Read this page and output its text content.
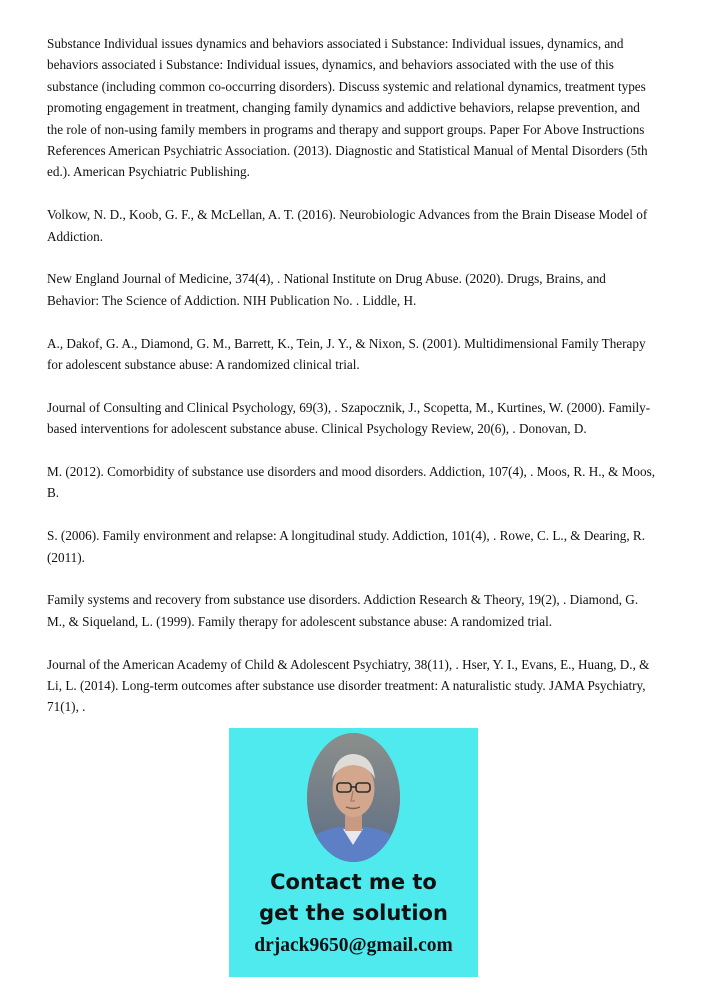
Substance Individual issues dynamics and behaviors associated i Substance: Individual issues, dynamics, and behaviors associated i Substance: Individual issues, dynamics, and behaviors associated with the use of this substance (including common co-occurring disorders). Discuss systemic and relational dynamics, treatment types promoting engagement in treatment, changing family dynamics and addictive behaviors, relapse prevention, and the role of non-using family members in programs and therapy and support groups. Paper For Above Instructions References American Psychiatric Association. (2013). Diagnostic and Statistical Manual of Mental Disorders (5th ed.). American Psychiatric Publishing.

Volkow, N. D., Koob, G. F., & McLellan, A. T. (2016). Neurobiologic Advances from the Brain Disease Model of Addiction.

New England Journal of Medicine, 374(4), . National Institute on Drug Abuse. (2020). Drugs, Brains, and Behavior: The Science of Addiction. NIH Publication No. . Liddle, H.

A., Dakof, G. A., Diamond, G. M., Barrett, K., Tein, J. Y., & Nixon, S. (2001). Multidimensional Family Therapy for adolescent substance abuse: A randomized clinical trial.

Journal of Consulting and Clinical Psychology, 69(3), . Szapocznik, J., Scopetta, M., Kurtines, W. (2000). Family-based interventions for adolescent substance abuse. Clinical Psychology Review, 20(6), . Donovan, D.

M. (2012). Comorbidity of substance use disorders and mood disorders. Addiction, 107(4), . Moos, R. H., & Moos, B.

S. (2006). Family environment and relapse: A longitudinal study. Addiction, 101(4), . Rowe, C. L., & Dearing, R. (2011).

Family systems and recovery from substance use disorders. Addiction Research & Theory, 19(2), . Diamond, G. M., & Siqueland, L. (1999). Family therapy for adolescent substance abuse: A randomized trial.

Journal of the American Academy of Child & Adolescent Psychiatry, 38(11), . Hser, Y. I., Evans, E., Huang, D., & Li, L. (2014). Long-term outcomes after substance use disorder treatment: A naturalistic study. JAMA Psychiatry, 71(1), .

Contact me to
get the solution
drjack9650@gmail.com
